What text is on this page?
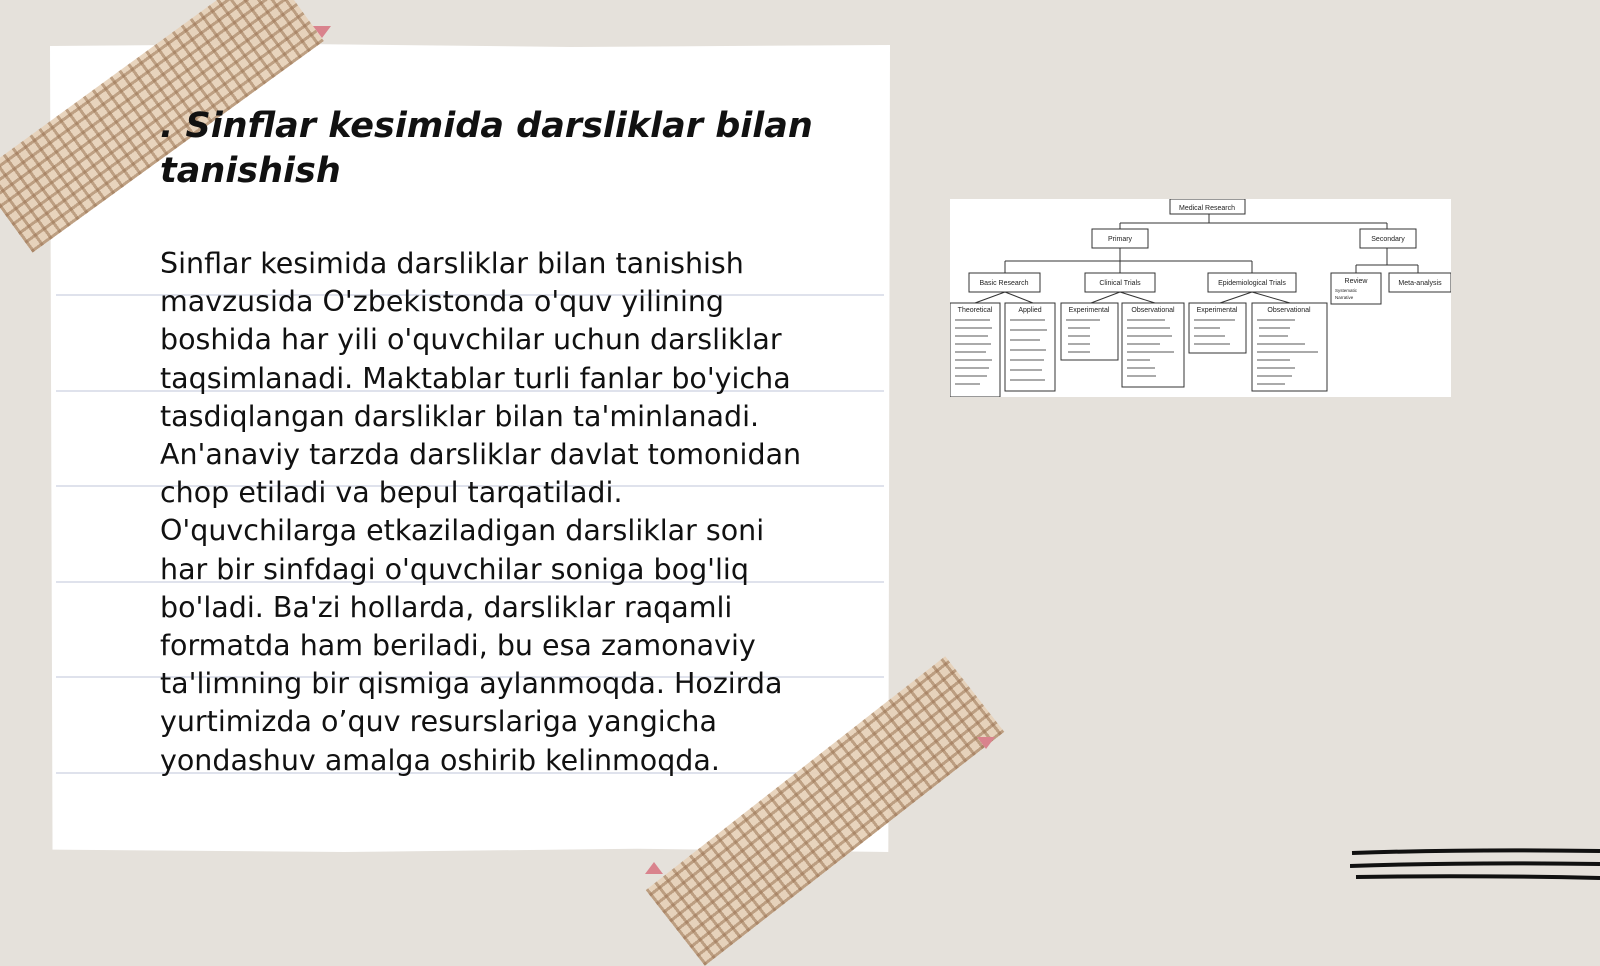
. Sinflar kesimida darsliklar bilan
tanishish

Sinflar kesimida darsliklar bilan tanishish
mavzusida O'zbekistonda o'quv yilining
boshida har yili o'quvchilar uchun darsliklar
taqsimlanadi. Maktablar turli fanlar bo'yicha
tasdiqlangan darsliklar bilan ta'minlanadi.
An'anaviy tarzda darsliklar davlat tomonidan
chop etiladi va bepul tarqatiladi.
O'quvchilarga etkaziladigan darsliklar soni
har bir sinfdagi o'quvchilar soniga bog'liq
bo'ladi. Ba'zi hollarda, darsliklar raqamli
formatda ham beriladi, bu esa zamonaviy
ta'limning bir qismiga aylanmoqda. Hozirda
yurtimizda o’quv resurslariga yangicha
yondashuv amalga oshirib kelinmoqda.

Medical Research
Primary	Secondary
Basic Research	Clinical Trials	Epidemiological Trials	Review	Meta-analysis
Theoretical	Applied	Experimental	Observational	Experimental	Observational
Systematic
Narrative
